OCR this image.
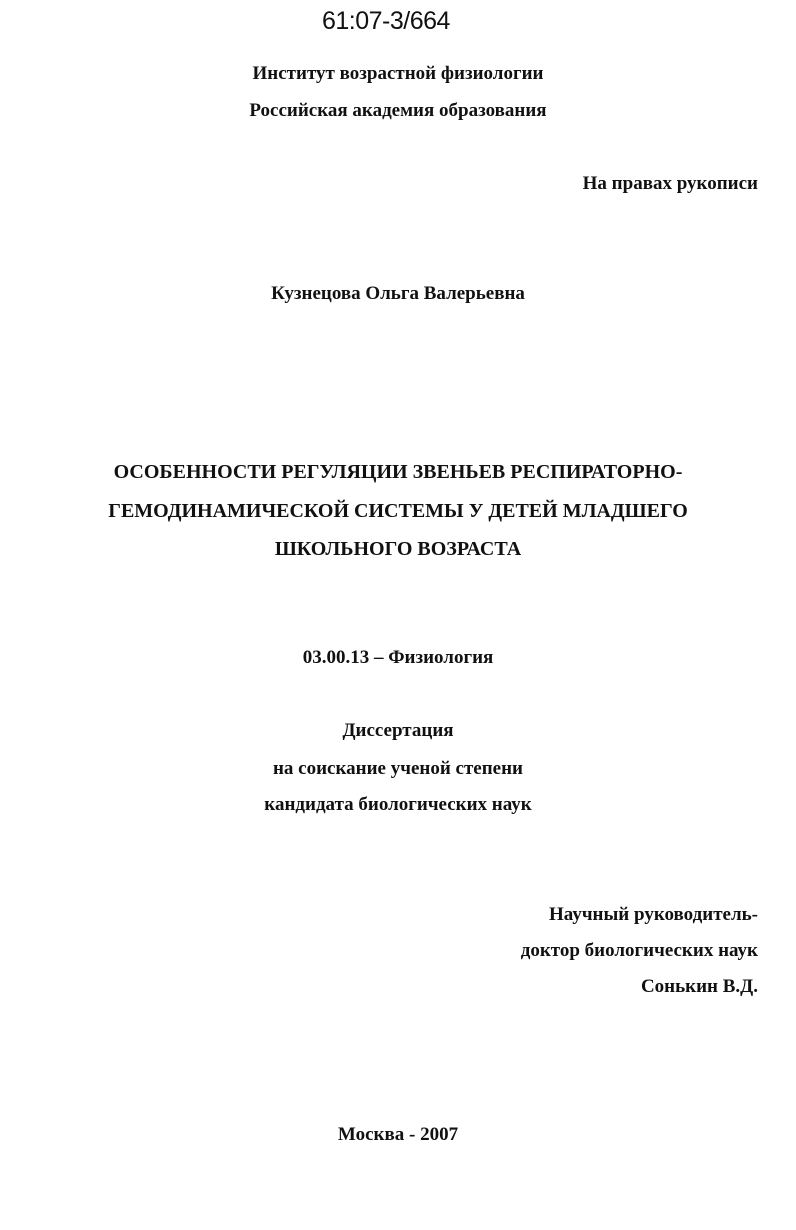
61:07-3/664
Институт возрастной физиологии
Российская академия образования
На правах рукописи
Кузнецова Ольга Валерьевна
ОСОБЕННОСТИ РЕГУЛЯЦИИ ЗВЕНЬЕВ РЕСПИРАТОРНО-
ГЕМОДИНАМИЧЕСКОЙ СИСТЕМЫ У ДЕТЕЙ МЛАДШЕГО
ШКОЛЬНОГО ВОЗРАСТА
03.00.13 – Физиология
Диссертация
на соискание ученой степени
кандидата биологических наук
Научный руководитель-
доктор биологических наук
Сонькин В.Д.
Москва - 2007
